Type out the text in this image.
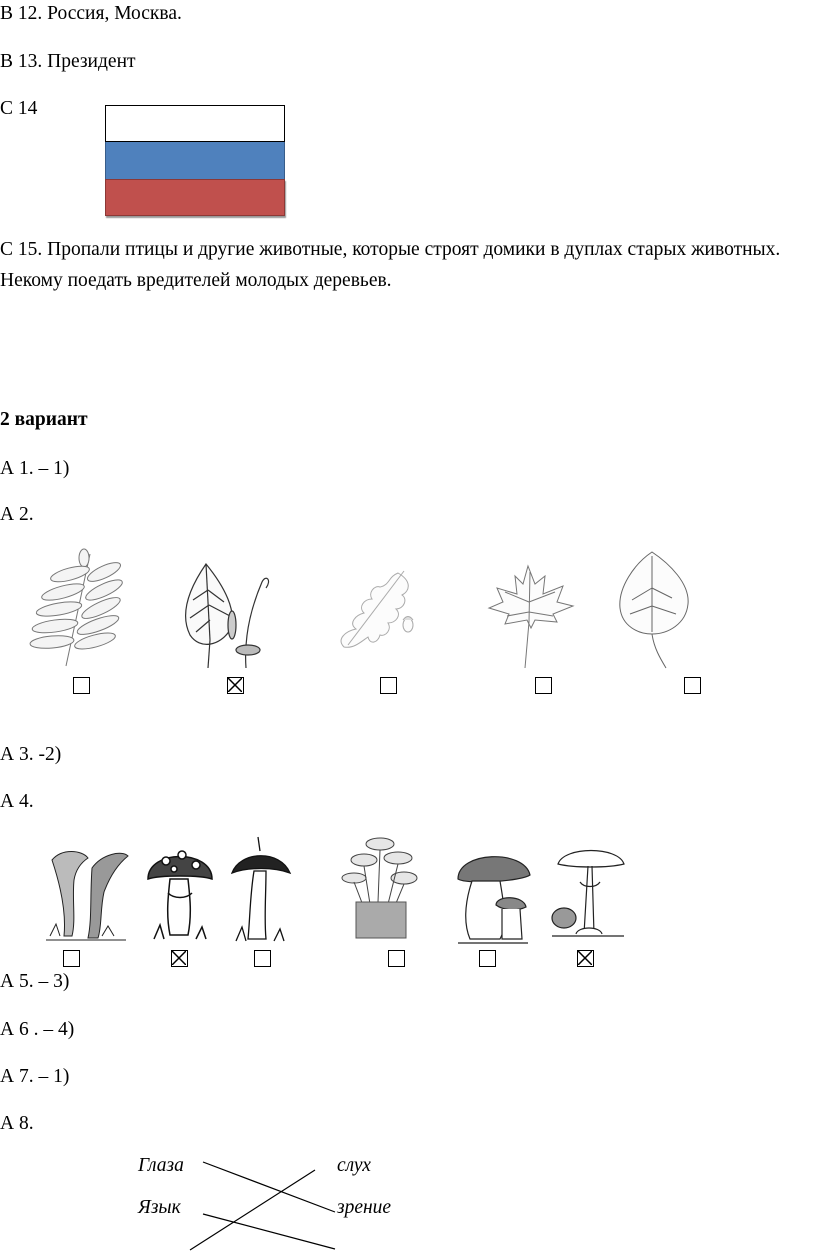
В 12. Россия, Москва.
В 13. Президент
С 14
С 15. Пропали птицы и другие животные, которые строят домики в дуплах старых животных. Некому поедать вредителей молодых деревьев.
2 вариант
А 1. – 1)
А 2.
А 3. -2)
А 4.
А 5. – 3)
А 6 . – 4)
А 7. – 1)
А 8.
Глаза
Язык
слух
зрение
